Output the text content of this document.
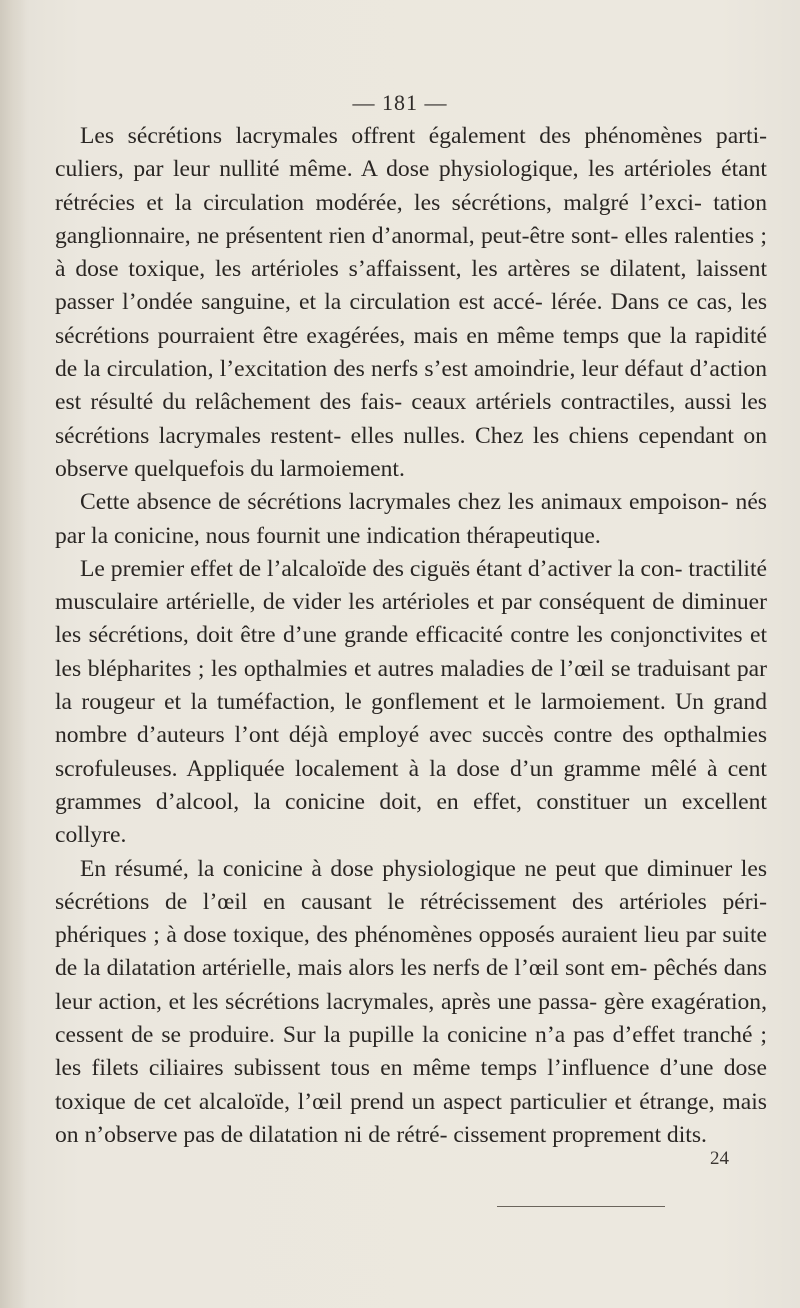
— 181 —

Les sécrétions lacrymales offrent également des phénomènes parti- culiers, par leur nullité même. A dose physiologique, les artérioles étant rétrécies et la circulation modérée, les sécrétions, malgré l’exci- tation ganglionnaire, ne présentent rien d’anormal, peut-être sont- elles ralenties ; à dose toxique, les artérioles s’affaissent, les artères se dilatent, laissent passer l’ondée sanguine, et la circulation est accé- lérée. Dans ce cas, les sécrétions pourraient être exagérées, mais en même temps que la rapidité de la circulation, l’excitation des nerfs s’est amoindrie, leur défaut d’action est résulté du relâchement des fais- ceaux artériels contractiles, aussi les sécrétions lacrymales restent- elles nulles. Chez les chiens cependant on observe quelquefois du larmoiement.

Cette absence de sécrétions lacrymales chez les animaux empoison- nés par la conicine, nous fournit une indication thérapeutique.

Le premier effet de l’alcaloïde des ciguës étant d’activer la con- tractilité musculaire artérielle, de vider les artérioles et par conséquent de diminuer les sécrétions, doit être d’une grande efficacité contre les conjonctivites et les blépharites ; les opthalmies et autres maladies de l’œil se traduisant par la rougeur et la tuméfaction, le gonflement et le larmoiement. Un grand nombre d’auteurs l’ont déjà employé avec succès contre des opthalmies scrofuleuses. Appliquée localement à la dose d’un gramme mêlé à cent grammes d’alcool, la conicine doit, en effet, constituer un excellent collyre.

En résumé, la conicine à dose physiologique ne peut que diminuer les sécrétions de l’œil en causant le rétrécissement des artérioles péri- phériques ; à dose toxique, des phénomènes opposés auraient lieu par suite de la dilatation artérielle, mais alors les nerfs de l’œil sont em- pêchés dans leur action, et les sécrétions lacrymales, après une passa- gère exagération, cessent de se produire. Sur la pupille la conicine n’a pas d’effet tranché ; les filets ciliaires subissent tous en même temps l’influence d’une dose toxique de cet alcaloïde, l’œil prend un aspect particulier et étrange, mais on n’observe pas de dilatation ni de rétré- cissement proprement dits.

24
